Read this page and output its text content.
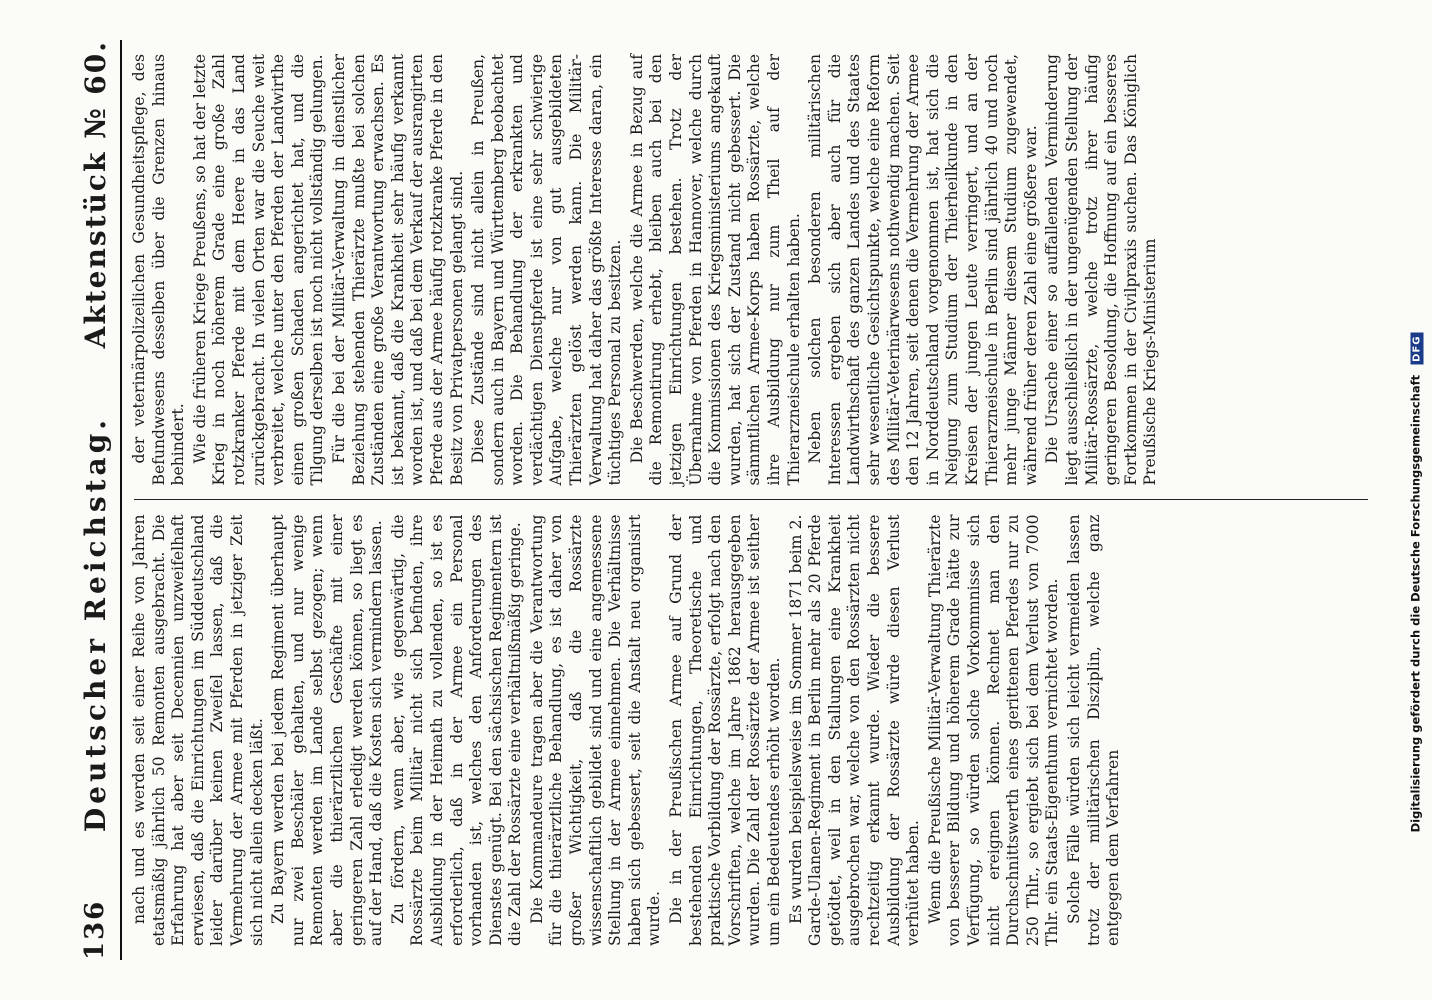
136
Deutscher Reichstag.
Aktenstück № 60.

nach und es werden seit einer Reihe von Jahren etatsmäßig jährlich 50 Remonten ausgebracht. Die Erfahrung hat aber seit Decennien unzweifelhaft erwiesen, daß die Einrichtungen im Süddeutschland leider darüber keinen Zweifel lassen, daß die Vermehrung der Armee mit Pferden in jetziger Zeit sich nicht allein decken läßt. Zu Bayern werden bei jedem Regiment überhaupt nur zwei Beschäler gehalten, und nur wenige Remonten werden im Lande selbst gezogen; wenn aber die thierärztlichen Geschäfte mit einer geringeren Zahl erledigt werden können, so liegt es auf der Hand, daß die Kosten sich vermindern lassen. Zu fördern, wenn aber, wie gegenwärtig, die Rossärzte beim Militär nicht sich befinden, ihre Ausbildung in der Heimath zu vollenden, so ist es erforderlich, daß in der Armee ein Personal vorhanden ist, welches den Anforderungen des Dienstes genügt. Bei den sächsischen Regimentern ist die Zahl der Rossärzte eine verhältnißmäßig geringe. Die Kommandeure tragen aber die Verantwortung für die thierärztliche Behandlung, es ist daher von großer Wichtigkeit, daß die Rossärzte wissenschaftlich gebildet sind und eine angemessene Stellung in der Armee einnehmen. Die Verhältnisse haben sich gebessert, seit die Anstalt neu organisirt wurde. Die in der Preußischen Armee auf Grund der bestehenden Einrichtungen, Theoretische und praktische Vorbildung der Rossärzte, erfolgt nach den Vorschriften, welche im Jahre 1862 herausgegeben wurden. Die Zahl der Rossärzte der Armee ist seither um ein Bedeutendes erhöht worden. Es wurden beispielsweise im Sommer 1871 beim 2. Garde-Ulanen-Regiment in Berlin mehr als 20 Pferde getödtet, weil in den Stallungen eine Krankheit ausgebrochen war, welche von den Rossärzten nicht rechtzeitig erkannt wurde. Wieder die bessere Ausbildung der Rossärzte würde diesen Verlust verhütet haben. Wenn die Preußische Militär-Verwaltung Thierärzte von besserer Bildung und höherem Grade hätte zur Verfügung, so würden solche Vorkommnisse sich nicht ereignen können. Rechnet man den Durchschnittswerth eines gerittenen Pferdes nur zu 250 Thlr., so ergiebt sich bei dem Verlust von 7000 Thlr. ein Staats-Eigenthum vernichtet worden. Solche Fälle würden sich leicht vermeiden lassen trotz der militärischen Disziplin, welche ganz entgegen dem Verfahren

der veterinärpolizeilichen Gesundheitspflege, des Befundwesens desselben über die Grenzen hinaus behindert. Wie die früheren Kriege Preußens, so hat der letzte Krieg in noch höherem Grade eine große Zahl rotzkranker Pferde mit dem Heere in das Land zurückgebracht. In vielen Orten war die Seuche weit verbreitet, welche unter den Pferden der Landwirthe einen großen Schaden angerichtet hat, und die Tilgung derselben ist noch nicht vollständig gelungen. Für die bei der Militär-Verwaltung in dienstlicher Beziehung stehenden Thierärzte mußte bei solchen Zuständen eine große Verantwortung erwachsen. Es ist bekannt, daß die Krankheit sehr häufig verkannt worden ist, und daß bei dem Verkauf der ausrangirten Pferde aus der Armee häufig rotzkranke Pferde in den Besitz von Privatpersonen gelangt sind. Diese Zustände sind nicht allein in Preußen, sondern auch in Bayern und Württemberg beobachtet worden. Die Behandlung der erkrankten und verdächtigen Dienstpferde ist eine sehr schwierige Aufgabe, welche nur von gut ausgebildeten Thierärzten gelöst werden kann. Die Militär-Verwaltung hat daher das größte Interesse daran, ein tüchtiges Personal zu besitzen. Die Beschwerden, welche die Armee in Bezug auf die Remontirung erhebt, bleiben auch bei den jetzigen Einrichtungen bestehen. Trotz der Übernahme von Pferden in Hannover, welche durch die Kommissionen des Kriegsministeriums angekauft wurden, hat sich der Zustand nicht gebessert. Die sämmtlichen Armee-Korps haben Rossärzte, welche ihre Ausbildung nur zum Theil auf der Thierarzneischule erhalten haben. Neben solchen besonderen militärischen Interessen ergeben sich aber auch für die Landwirthschaft des ganzen Landes und des Staates sehr wesentliche Gesichtspunkte, welche eine Reform des Militär-Veterinärwesens nothwendig machen. Seit den 12 Jahren, seit denen die Vermehrung der Armee in Norddeutschland vorgenommen ist, hat sich die Neigung zum Studium der Thierheilkunde in den Kreisen der jungen Leute verringert, und an der Thierarzneischule in Berlin sind jährlich 40 und noch mehr junge Männer diesem Studium zugewendet, während früher deren Zahl eine größere war. Die Ursache einer so auffallenden Verminderung liegt ausschließlich in der ungenügenden Stellung der Militär-Rossärzte, welche trotz ihrer häufig geringeren Besoldung, die Hoffnung auf ein besseres Fortkommen in der Civilpraxis suchen. Das Königlich Preußische Kriegs-Ministerium

Digitalisierung gefördert durch die Deutsche Forschungsgemeinschaft DFG
